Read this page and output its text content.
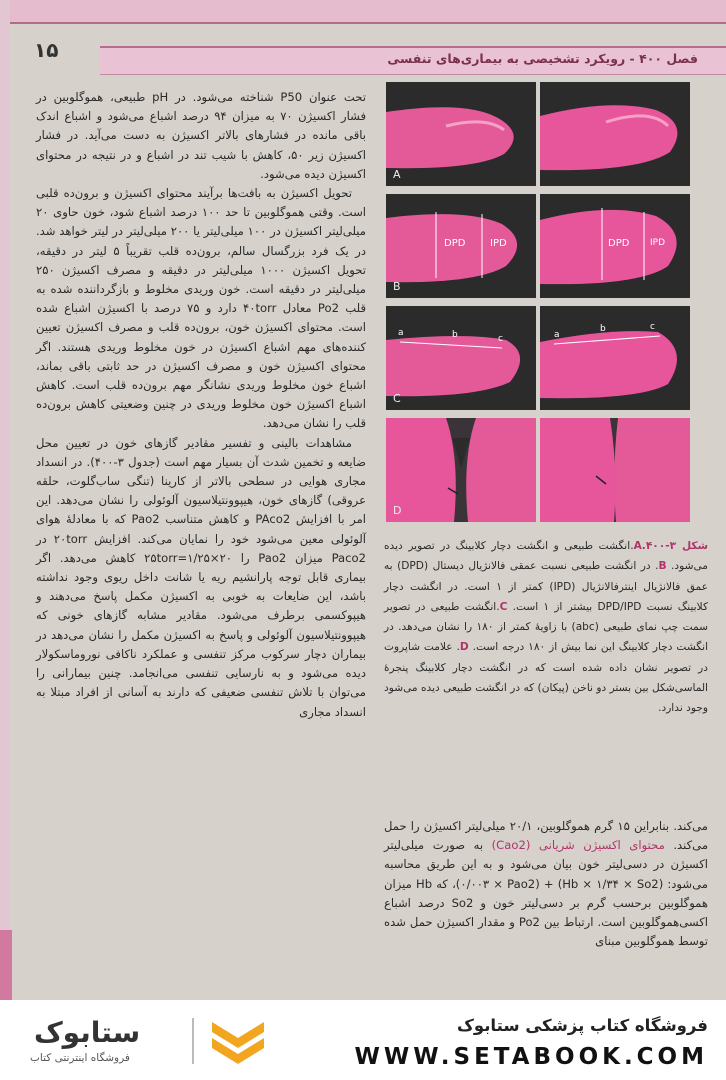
۱۵	فصل ۴۰۰ - رویکرد تشخیصی به بیماری‌های تنفسی

تحت عنوان P50 شناخته می‌شود. در pH طبیعی، هموگلوبین در فشار اکسیژن ۷۰ به میزان ۹۴ درصد اشباع می‌شود و اشباع اندک باقی مانده در فشارهای بالاتر اکسیژن به دست می‌آید. در فشار اکسیژن زیر ۵۰، کاهش با شیب تند در اشباع و در نتیجه در محتوای اکسیژن دیده می‌شود.

تحویل اکسیژن به بافت‌ها برآیند محتوای اکسیژن و برون‌ده قلبی است. وقتی هموگلوبین تا حد ۱۰۰ درصد اشباع شود، خون حاوی ۲۰ میلی‌لیتر اکسیژن در ۱۰۰ میلی‌لیتر یا ۲۰۰ میلی‌لیتر در لیتر خواهد شد. در یک فرد بزرگسال سالم، برون‌ده قلب تقریباً ۵ لیتر در دقیقه، تحویل اکسیژن ۱۰۰۰ میلی‌لیتر در دقیقه و مصرف اکسیژن ۲۵۰ میلی‌لیتر در دقیقه است. خون وریدی مخلوط و بازگرداننده شده به قلب Po2 معادل ۴۰torr دارد و ۷۵ درصد با اکسیژن اشباع شده است. محتوای اکسیژن خون، برون‌ده قلب و مصرف اکسیژن تعیین کننده‌های مهم اشباع اکسیژن در خون مخلوط وریدی هستند. اگر محتوای اکسیژن خون و مصرف اکسیژن در حد ثابتی باقی بماند، اشباع خون مخلوط وریدی نشانگر مهم برون‌ده قلب است. کاهش اشباع اکسیژن خون مخلوط وریدی در چنین وضعیتی کاهش برون‌ده قلب را نشان می‌دهد.

مشاهدات بالینی و تفسیر مقادیر گازهای خون در تعیین محل ضایعه و تخمین شدت آن بسیار مهم است (جدول ۳-۴۰۰). در انسداد مجاری هوایی در سطحی بالاتر از کارینا (تنگی ساب‌گلوت، حلقه عروقی) گازهای خون، هیپوونتیلاسیون آلوئولی را نشان می‌دهد. این امر با افزایش PAco2 و کاهش متناسب Pao2 که با معادلهٔ هوای آلوئولی معین می‌شود خود را نمایان می‌کند. افزایش ۲۰torr در Paco2 میزان Pao2 را ۲۵torr=۱/۲۵×۲۰ کاهش می‌دهد. اگر بیماری قابل توجه پارانشیم ریه یا شانت داخل ریوی وجود نداشته باشد، این ضایعات به خوبی به اکسیژن مکمل پاسخ می‌دهند و هیپوکسمی برطرف می‌شود. مقادیر مشابه گازهای خونی که هیپوونتیلاسیون آلوئولی و پاسخ به اکسیژن مکمل را نشان می‌دهد در بیماران دچار سرکوب مرکز تنفسی و عملکرد ناکافی نوروماسکولار دیده می‌شود و به نارسایی تنفسی می‌انجامد. چنین بیمارانی را می‌توان با تلاش تنفسی ضعیفی که دارند به آسانی از افراد مبتلا به انسداد مجاری

A
DPD IPD
B
DPD IPD
a	b	c
C
a
b	c
D
شکل ۳-۴۰۰.A.انگشت طبیعی و انگشت دچار کلابینگ در تصویر دیده می‌شود. B. در انگشت طبیعی نسبت عمقی فالانژیال دیستال (DPD) به عمق فالانژیال اینترفالانژیال (IPD) کمتر از ۱ است. در انگشت دچار کلابینگ نسبت DPD/IPD بیشتر از ۱ است. C.انگشت طبیعی در تصویر سمت چپ نمای طبیعی (abc) با زاویهٔ کمتر از ۱۸۰ را نشان می‌دهد. در انگشت دچار کلابینگ این نما بیش از ۱۸۰ درجه است. D. علامت شاپروت در تصویر نشان داده شده است که در انگشت دچار کلابینگ پنجرهٔ الماسی‌شکل بین بستر دو ناخن (پیکان) که در انگشت طبیعی دیده می‌شود وجود ندارد.

می‌کند. بنابراین ۱۵ گرم هموگلوبین، ۲۰/۱ میلی‌لیتر اکسیژن را حمل می‌کند. محتوای اکسیژن شریانی (Cao2) به صورت میلی‌لیتر اکسیژن در دسی‌لیتر خون بیان می‌شود و به این طریق محاسبه می‌شود: (Hb × ۱/۳۴ × So2) + (۰/۰۰۳ × Pao2)، که Hb میزان هموگلوبین برحسب گرم بر دسی‌لیتر خون و So2 درصد اشباع اکسی‌هموگلوبین است. ارتباط بین Po2 و مقدار اکسیژن حمل شده توسط هموگلوبین مبنای

ستابوک
فروشگاه اینترنتی کتاب
فروشگاه کتاب پزشکی ستابوک
WWW.SETABOOK.COM
